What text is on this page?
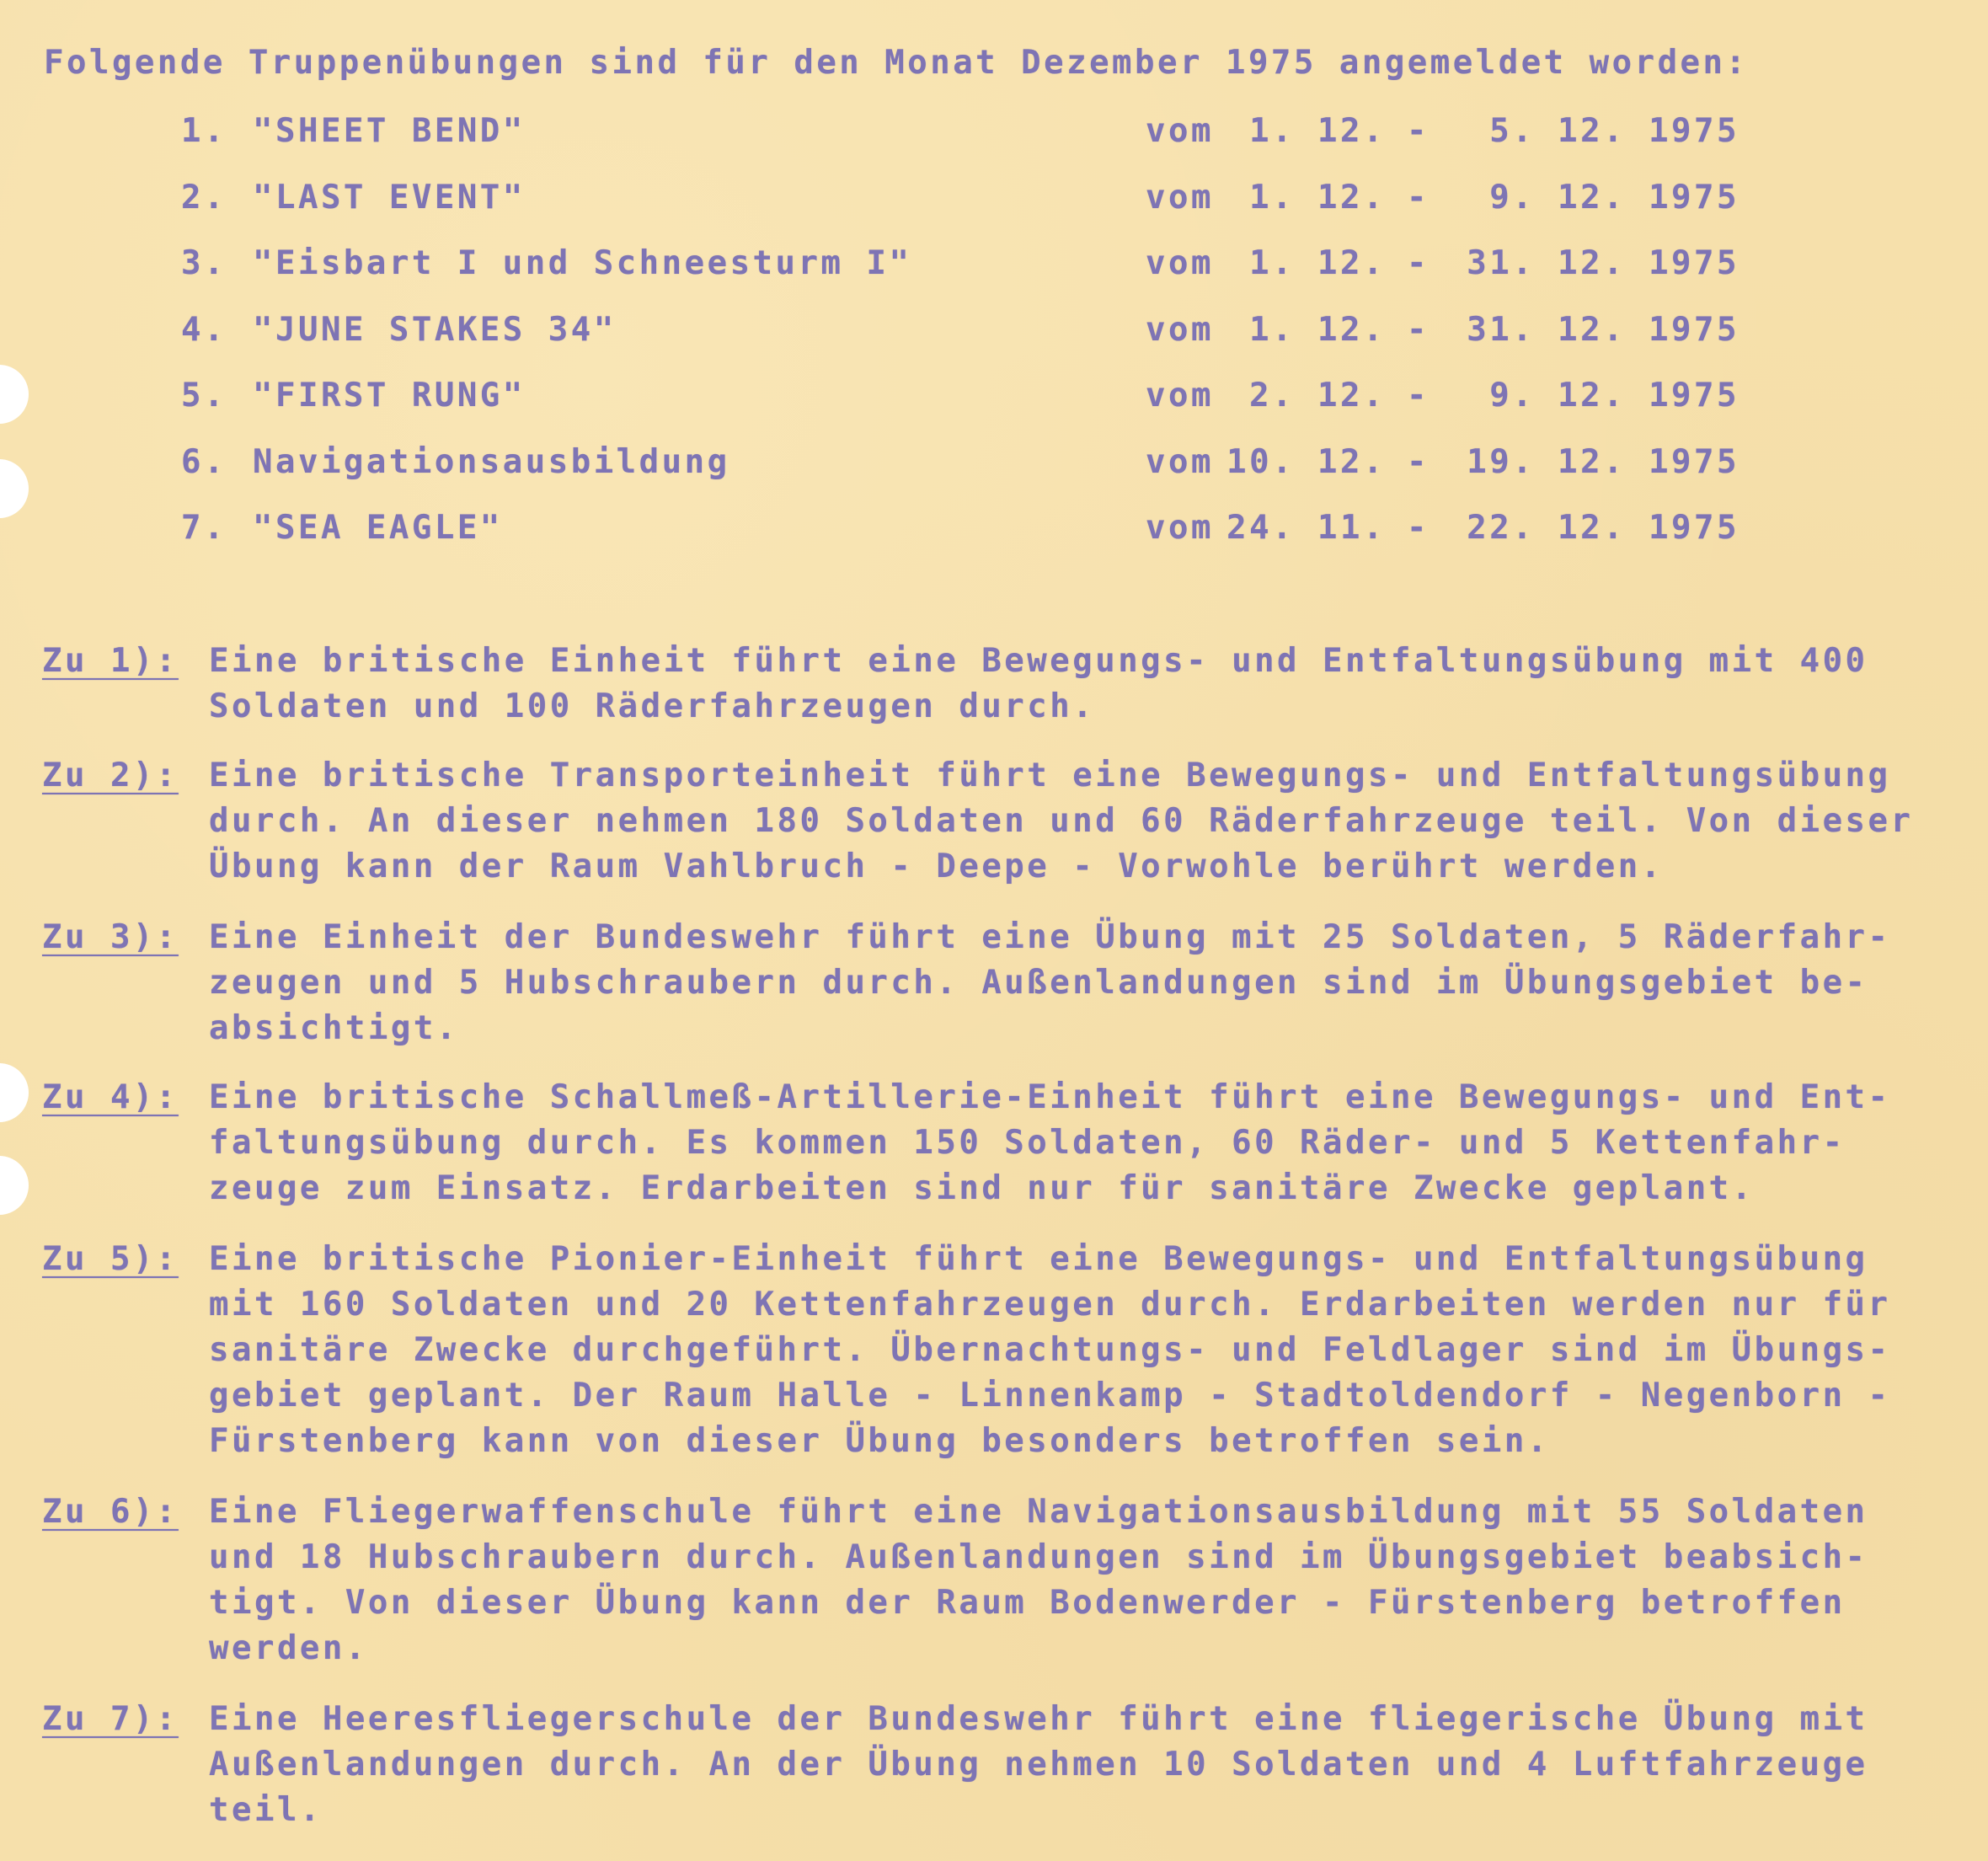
Folgende Truppenübungen sind für den Monat Dezember 1975 angemeldet worden:
1. "SHEET BEND"	vom	1. 12. -	5. 12. 1975
2. "LAST EVENT"	vom	1. 12. -	9. 12. 1975
3. "Eisbart I und Schneesturm I"	vom	1. 12. -	31. 12. 1975
4. "JUNE STAKES 34"	vom	1. 12. -	31. 12. 1975
5. "FIRST RUNG"	vom	2. 12. -	9. 12. 1975
6. Navigationsausbildung	vom 10. 12. -	19. 12. 1975
7. "SEA EAGLE"	vom 24. 11. -	22. 12. 1975
Zu 1): Eine britische Einheit führt eine Bewegungs- und Entfaltungsübung mit 400
Soldaten und 100 Räderfahrzeugen durch.
Zu 2): Eine britische Transporteinheit führt eine Bewegungs- und Entfaltungsübung
durch. An dieser nehmen 180 Soldaten und 60 Räderfahrzeuge teil. Von dieser
Übung kann der Raum Vahlbruch - Deepe - Vorwohle berührt werden.
Zu 3): Eine Einheit der Bundeswehr führt eine Übung mit 25 Soldaten, 5 Räderfahr-
zeugen und 5 Hubschraubern durch. Außenlandungen sind im Übungsgebiet be-
absichtigt.
Zu 4): Eine britische Schallmeß-Artillerie-Einheit führt eine Bewegungs- und Ent-
faltungsübung durch. Es kommen 150 Soldaten, 60 Räder- und 5 Kettenfahr-
zeuge zum Einsatz. Erdarbeiten sind nur für sanitäre Zwecke geplant.
Zu 5): Eine britische Pionier-Einheit führt eine Bewegungs- und Entfaltungsübung
mit 160 Soldaten und 20 Kettenfahrzeugen durch. Erdarbeiten werden nur für
sanitäre Zwecke durchgeführt. Übernachtungs- und Feldlager sind im Übungs-
gebiet geplant. Der Raum Halle - Linnenkamp - Stadtoldendorf - Negenborn -
Fürstenberg kann von dieser Übung besonders betroffen sein.
Zu 6): Eine Fliegerwaffenschule führt eine Navigationsausbildung mit 55 Soldaten
und 18 Hubschraubern durch. Außenlandungen sind im Übungsgebiet beabsich-
tigt. Von dieser Übung kann der Raum Bodenwerder - Fürstenberg betroffen
werden.
Zu 7): Eine Heeresfliegerschule der Bundeswehr führt eine fliegerische Übung mit
Außenlandungen durch. An der Übung nehmen 10 Soldaten und 4 Luftfahrzeuge
teil.
